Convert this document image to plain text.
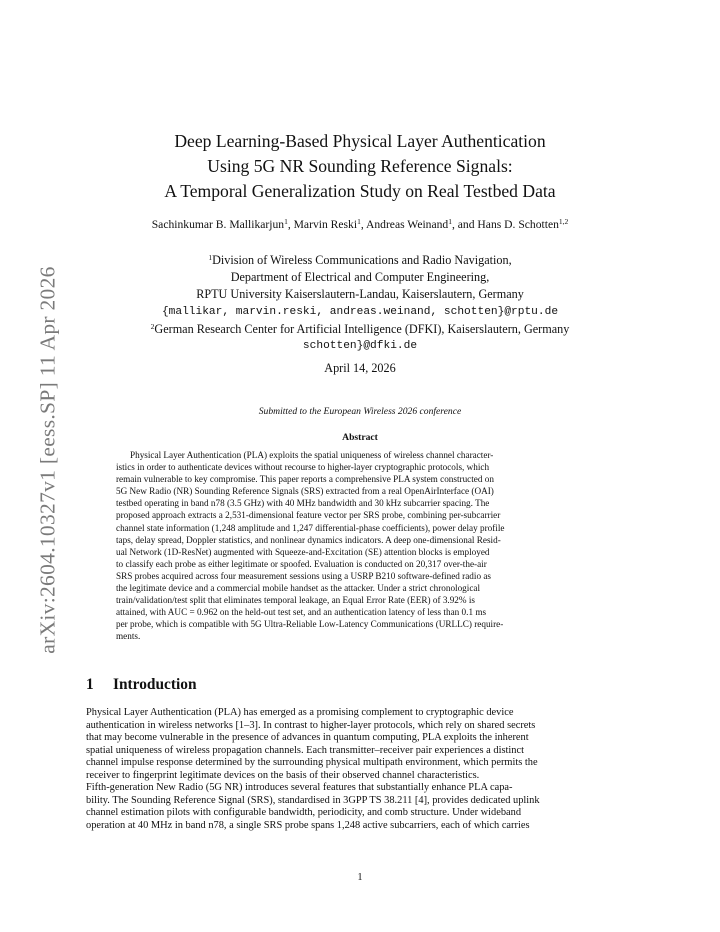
arXiv:2604.10327v1 [eess.SP] 11 Apr 2026
Deep Learning-Based Physical Layer Authentication
Using 5G NR Sounding Reference Signals:
A Temporal Generalization Study on Real Testbed Data
Sachinkumar B. Mallikarjun$^1$, Marvin Reski$^1$, Andreas Weinand$^1$, and Hans D. Schotten$^{1,2}$
$^1$Division of Wireless Communications and Radio Navigation,
Department of Electrical and Computer Engineering,
RPTU University Kaiserslautern-Landau, Kaiserslautern, Germany
{mallikar, marvin.reski, andreas.weinand, schotten}@rptu.de
$^2$German Research Center for Artificial Intelligence (DFKI), Kaiserslautern, Germany
schotten}@dfki.de
April 14, 2026
Submitted to the European Wireless 2026 conference
Abstract
Physical Layer Authentication (PLA) exploits the spatial uniqueness of wireless channel character-
istics in order to authenticate devices without recourse to higher-layer cryptographic protocols, which
remain vulnerable to key compromise. This paper reports a comprehensive PLA system constructed on
5G New Radio (NR) Sounding Reference Signals (SRS) extracted from a real OpenAirInterface (OAI)
testbed operating in band n78 (3.5 GHz) with 40 MHz bandwidth and 30 kHz subcarrier spacing. The
proposed approach extracts a 2,531-dimensional feature vector per SRS probe, combining per-subcarrier
channel state information (1,248 amplitude and 1,247 differential-phase coefficients), power delay profile
taps, delay spread, Doppler statistics, and nonlinear dynamics indicators. A deep one-dimensional Resid-
ual Network (1D-ResNet) augmented with Squeeze-and-Excitation (SE) attention blocks is employed
to classify each probe as either legitimate or spoofed. Evaluation is conducted on 20,317 over-the-air
SRS probes acquired across four measurement sessions using a USRP B210 software-defined radio as
the legitimate device and a commercial mobile handset as the attacker. Under a strict chronological
train/validation/test split that eliminates temporal leakage, an Equal Error Rate (EER) of 3.92% is
attained, with AUC = 0.962 on the held-out test set, and an authentication latency of less than 0.1 ms
per probe, which is compatible with 5G Ultra-Reliable Low-Latency Communications (URLLC) require-
ments.
1 Introduction
Physical Layer Authentication (PLA) has emerged as a promising complement to cryptographic device
authentication in wireless networks [1–3]. In contrast to higher-layer protocols, which rely on shared secrets
that may become vulnerable in the presence of advances in quantum computing, PLA exploits the inherent
spatial uniqueness of wireless propagation channels. Each transmitter–receiver pair experiences a distinct
channel impulse response determined by the surrounding physical multipath environment, which permits the
receiver to fingerprint legitimate devices on the basis of their observed channel characteristics.
Fifth-generation New Radio (5G NR) introduces several features that substantially enhance PLA capa-
bility. The Sounding Reference Signal (SRS), standardised in 3GPP TS 38.211 [4], provides dedicated uplink
channel estimation pilots with configurable bandwidth, periodicity, and comb structure. Under wideband
operation at 40 MHz in band n78, a single SRS probe spans 1,248 active subcarriers, each of which carries
1
